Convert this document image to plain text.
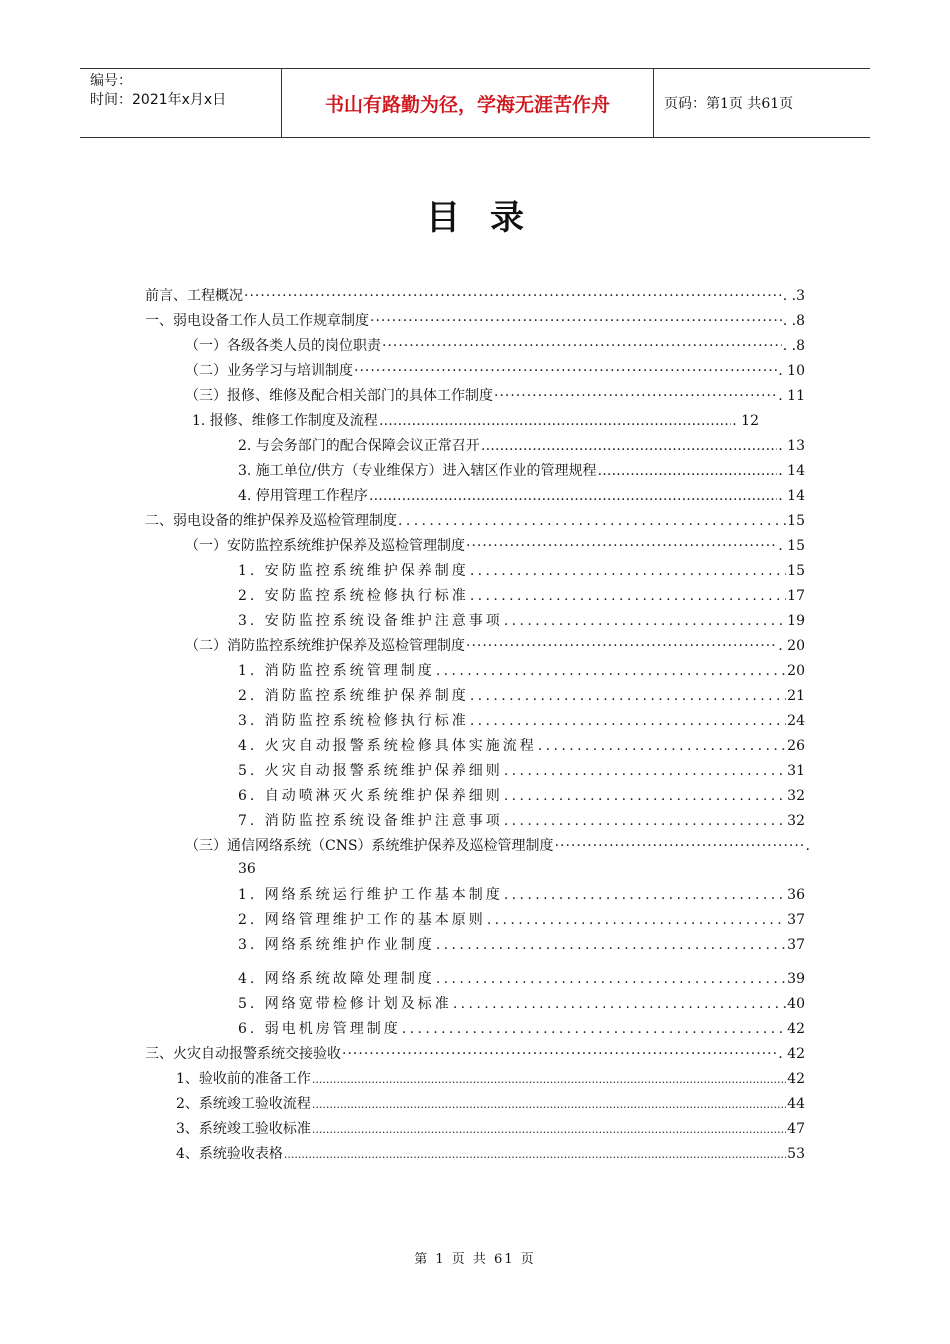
编号：
时间：2021年x月x日	书山有路勤为径，学海无涯苦作舟	页码：第1页 共61页
目录
前言、工程概况 ·····	. .3
一、弱电设备工作人员工作规章制度 ·····	. .8
（一）各级各类人员的岗位职责 ·····	. .8
（二）业务学习与培训制度 ·····	. 10
（三）报修、维修及配合相关部门的具体工作制度 ·····	. 11
1. 报修、维修工作制度及流程 …………………………………………………………………………………………………………………………………………………………………………………………………………………………………………	. 12
2. 与会务部门的配合保障会议正常召开 …………………………………………………………………………………………………………………………………………………………………………………………………………………………………………	. 13
3. 施工单位/供方（专业维保方）进入辖区作业的管理规程 …………………………………………………………………………………………………………………………………………………………………………………………………………………………………………	. 14
4. 停用管理工作程序 …………………………………………………………………………………………………………………………………………………………………………………………………………………………………………	. 14
二、弱电设备的维护保养及巡检管理制度 .....	15
（一）安防监控系统维护保养及巡检管理制度 ·····	. 15
1. 安防监控系统维护保养制度 .....	15
2. 安防监控系统检修执行标准 .....	17
3. 安防监控系统设备维护注意事项 .....	19
（二）消防监控系统维护保养及巡检管理制度 ·····	. 20
1. 消防监控系统管理制度 .....	20
2. 消防监控系统维护保养制度 .....	21
3. 消防监控系统检修执行标准 .....	24
4. 火灾自动报警系统检修具体实施流程 .....	26
5. 火灾自动报警系统维护保养细则 .....	31
6. 自动喷淋灭火系统维护保养细则 .....	32
7. 消防监控系统设备维护注意事项 .....	32
（三）通信网络系统（CNS）系统维护保养及巡检管理制度 ·····	.
36
1. 网络系统运行维护工作基本制度 .....	36
2. 网络管理维护工作的基本原则 .....	37
3. 网络系统维护作业制度 .....	37
4. 网络系统故障处理制度 .....	39
5. 网络宽带检修计划及标准 .....	40
6. 弱电机房管理制度 .....	42
三、火灾自动报警系统交接验收 ·····	. 42
1、验收前的准备工作 .....	42
2、系统竣工验收流程 .....	44
3、系统竣工验收标准 .....	47
4、系统验收表格 .....	53
第 1 页 共 61 页
